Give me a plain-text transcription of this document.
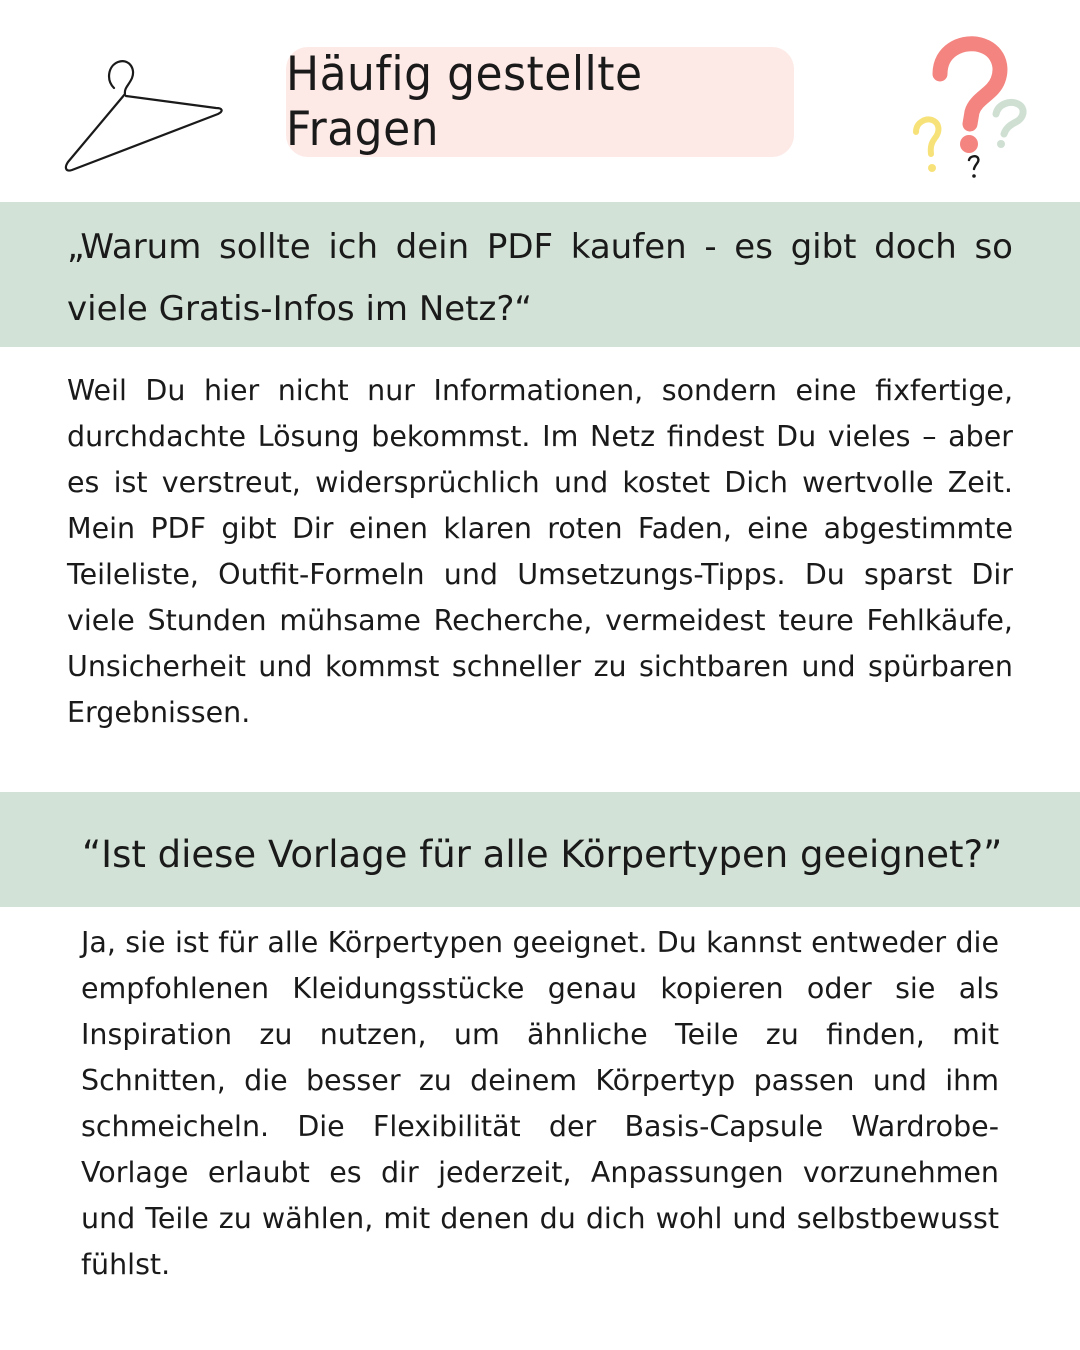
Häufig gestellte Fragen

„Warum sollte ich dein PDF kaufen - es gibt doch so viele Gratis-Infos im Netz?“

Weil Du hier nicht nur Informationen, sondern eine fixfertige, durchdachte Lösung bekommst. Im Netz findest Du vieles – aber es ist verstreut, widersprüchlich und kostet Dich wertvolle Zeit. Mein PDF gibt Dir einen klaren roten Faden, eine abgestimmte Teileliste, Outfit-Formeln und Umsetzungs-Tipps. Du sparst Dir viele Stunden mühsame Recherche, vermeidest teure Fehlkäufe, Unsicherheit und kommst schneller zu sichtbaren und spürbaren Ergebnissen.

“Ist diese Vorlage für alle Körpertypen geeignet?”

Ja, sie ist für alle Körpertypen geeignet. Du kannst entweder die empfohlenen Kleidungsstücke genau kopieren oder sie als Inspiration zu nutzen, um ähnliche Teile zu finden, mit Schnitten, die besser zu deinem Körpertyp passen und ihm schmeicheln. Die Flexibilität der Basis-Capsule Wardrobe-Vorlage erlaubt es dir jederzeit, Anpassungen vorzunehmen und Teile zu wählen, mit denen du dich wohl und selbstbewusst fühlst.
